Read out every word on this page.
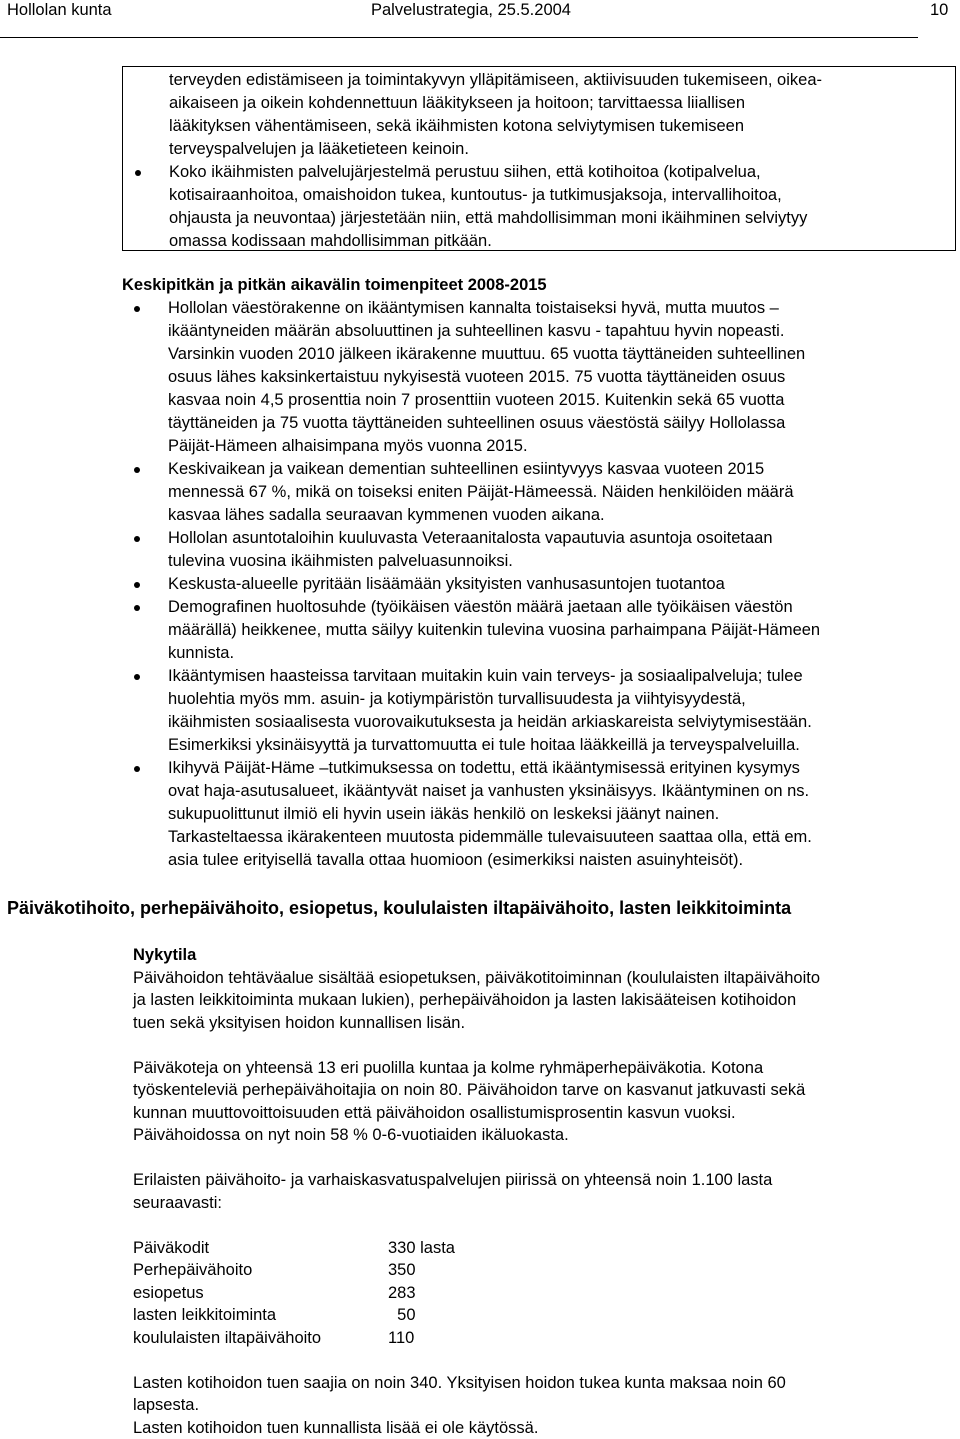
Hollolan kunta	Palvelustrategia, 25.5.2004	10
terveyden edistämiseen ja toimintakyvyn ylläpitämiseen, aktiivisuuden tukemiseen, oikea-
aikaiseen ja oikein kohdennettuun lääkitykseen ja hoitoon; tarvittaessa liiallisen
lääkityksen vähentämiseen, sekä ikäihmisten kotona selviytymisen tukemiseen
terveyspalvelujen ja lääketieteen keinoin.
Koko ikäihmisten palvelujärjestelmä perustuu siihen, että kotihoitoa (kotipalvelua,
kotisairaanhoitoa, omaishoidon tukea, kuntoutus- ja tutkimusjaksoja, intervallihoitoa,
ohjausta ja neuvontaa) järjestetään niin, että mahdollisimman moni ikäihminen selviytyy
omassa kodissaan mahdollisimman pitkään.
Keskipitkän ja pitkän aikavälin toimenpiteet 2008-2015
Hollolan väestörakenne on ikääntymisen kannalta toistaiseksi hyvä, mutta muutos –
ikääntyneiden määrän absoluuttinen ja suhteellinen kasvu - tapahtuu hyvin nopeasti.
Varsinkin vuoden 2010 jälkeen ikärakenne muuttuu. 65 vuotta täyttäneiden suhteellinen
osuus lähes kaksinkertaistuu nykyisestä vuoteen 2015. 75 vuotta täyttäneiden osuus
kasvaa noin 4,5 prosenttia noin 7 prosenttiin vuoteen 2015. Kuitenkin sekä 65 vuotta
täyttäneiden ja 75 vuotta täyttäneiden suhteellinen osuus väestöstä säilyy Hollolassa
Päijät-Hämeen alhaisimpana myös vuonna 2015.
Keskivaikean ja vaikean dementian suhteellinen esiintyvyys kasvaa vuoteen 2015
mennessä 67 %, mikä on toiseksi eniten Päijät-Hämeessä. Näiden henkilöiden määrä
kasvaa lähes sadalla seuraavan kymmenen vuoden aikana.
Hollolan asuntotaloihin kuuluvasta Veteraanitalosta vapautuvia asuntoja osoitetaan
tulevina vuosina ikäihmisten palveluasunnoiksi.
Keskusta-alueelle pyritään lisäämään yksityisten vanhusasuntojen tuotantoa
Demografinen huoltosuhde (työikäisen väestön määrä jaetaan alle työikäisen väestön
määrällä) heikkenee, mutta säilyy kuitenkin tulevina vuosina parhaimpana Päijät-Hämeen
kunnista.
Ikääntymisen haasteissa tarvitaan muitakin kuin vain terveys- ja sosiaalipalveluja; tulee
huolehtia myös mm. asuin- ja kotiympäristön turvallisuudesta ja viihtyisyydestä,
ikäihmisten sosiaalisesta vuorovaikutuksesta ja heidän arkiaskareista selviytymisestään.
Esimerkiksi yksinäisyyttä ja turvattomuutta ei tule hoitaa lääkkeillä ja terveyspalveluilla.
Ikihyvä Päijät-Häme –tutkimuksessa on todettu, että ikääntymisessä erityinen kysymys
ovat haja-asutusalueet, ikääntyvät naiset ja vanhusten yksinäisyys. Ikääntyminen on ns.
sukupuolittunut ilmiö eli hyvin usein iäkäs henkilö on leskeksi jäänyt nainen.
Tarkasteltaessa ikärakenteen muutosta pidemmälle tulevaisuuteen saattaa olla, että em.
asia tulee erityisellä tavalla ottaa huomioon (esimerkiksi naisten asuinyhteisöt).
Päiväkotihoito, perhepäivähoito, esiopetus, koululaisten iltapäivähoito, lasten leikkitoiminta
Nykytila
Päivähoidon tehtäväalue sisältää esiopetuksen, päiväkotitoiminnan (koululaisten iltapäivähoito
ja lasten leikkitoiminta mukaan lukien), perhepäivähoidon ja lasten lakisääteisen kotihoidon
tuen sekä yksityisen hoidon kunnallisen lisän.
Päiväkoteja on yhteensä 13 eri puolilla kuntaa ja kolme ryhmäperhepäiväkotia. Kotona
työskenteleviä perhepäivähoitajia on noin 80. Päivähoidon tarve on kasvanut jatkuvasti sekä
kunnan muuttovoittoisuuden että päivähoidon osallistumisprosentin kasvun vuoksi.
Päivähoidossa on nyt noin 58 % 0-6-vuotiaiden ikäluokasta.
Erilaisten päivähoito- ja varhaiskasvatuspalvelujen piirissä on yhteensä noin 1.100 lasta
seuraavasti:
Päiväkodit	330 lasta
Perhepäivähoito	350
esiopetus	283
lasten leikkitoiminta	50
koululaisten iltapäivähoito	110
Lasten kotihoidon tuen saajia on noin 340. Yksityisen hoidon tukea kunta maksaa noin 60
lapsesta.
Lasten kotihoidon tuen kunnallista lisää ei ole käytössä.
